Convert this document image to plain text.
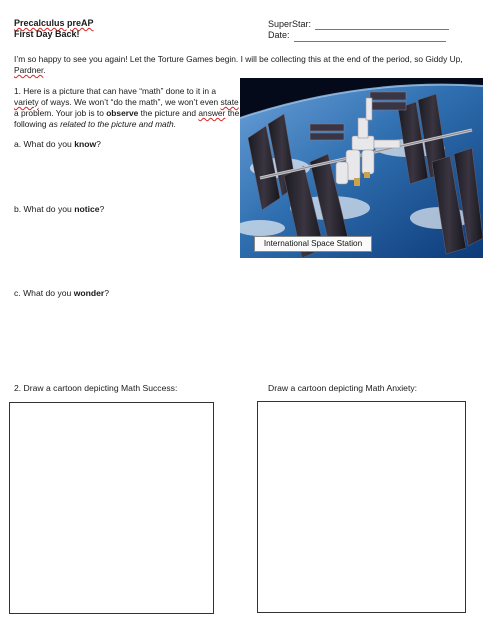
Precalculus preAP
First Day Back!
SuperStar:
Date:
I’m so happy to see you again! Let the Torture Games begin. I will be collecting this at the end of the period, so Giddy Up, Pardner.
1. Here is a picture that can have “math” done to it in a variety of ways. We won’t “do the math”, we won’t even state a problem. Your job is to observe the picture and answer the following as related to the picture and math.
International Space Station
a. What do you know?
b. What do you notice?
c. What do you wonder?
2. Draw a cartoon depicting Math Success:	Draw a cartoon depicting Math Anxiety:
